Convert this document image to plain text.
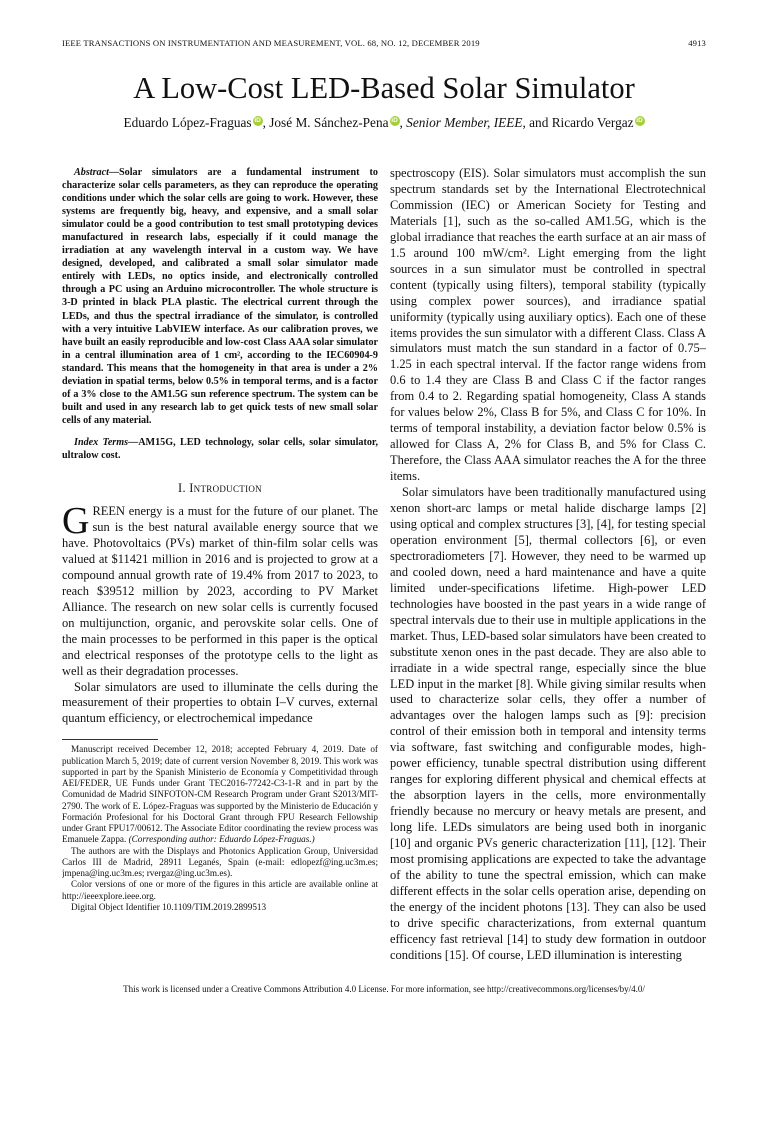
IEEE TRANSACTIONS ON INSTRUMENTATION AND MEASUREMENT, VOL. 68, NO. 12, DECEMBER 2019	4913
A Low-Cost LED-Based Solar Simulator
Eduardo López-Fraguas iD , José M. Sánchez-Pena iD , Senior Member, IEEE, and Ricardo Vergaz iD

Abstract—Solar simulators are a fundamental instrument to characterize solar cells parameters, as they can reproduce the operating conditions under which the solar cells are going to work. However, these systems are frequently big, heavy, and expensive, and a small solar simulator could be a good contribution to test small prototyping devices manufactured in research labs, especially if it could manage the irradiation at any wavelength interval in a custom way. We have designed, developed, and calibrated a small solar simulator made entirely with LEDs, no optics inside, and electronically controlled through a PC using an Arduino microcontroller. The whole structure is 3-D printed in black PLA plastic. The electrical current through the LEDs, and thus the spectral irradiance of the simulator, is controlled with a very intuitive LabVIEW interface. As our calibration proves, we have built an easily reproducible and low-cost Class AAA solar simulator in a central illumination area of 1 cm², according to the IEC60904-9 standard. This means that the homogeneity in that area is under a 2% deviation in spatial terms, below 0.5% in temporal terms, and is a factor of a 3% close to the AM1.5G sun reference spectrum. The system can be built and used in any research lab to get quick tests of new small solar cells of any material.

Index Terms—AM15G, LED technology, solar cells, solar simulator, ultralow cost.

I. Introduction

GREEN energy is a must for the future of our planet. The sun is the best natural available energy source that we have. Photovoltaics (PVs) market of thin-film solar cells was valued at $11421 million in 2016 and is projected to grow at a compound annual growth rate of 19.4% from 2017 to 2023, to reach $39512 million by 2023, according to PV Market Alliance. The research on new solar cells is currently focused on multijunction, organic, and perovskite solar cells. One of the main processes to be performed in this paper is the optical and electrical responses of the prototype cells to the light as well as their degradation processes.

Solar simulators are used to illuminate the cells during the measurement of their properties to obtain I–V curves, external quantum efficiency, or electrochemical impedance

Manuscript received December 12, 2018; accepted February 4, 2019. Date of publication March 5, 2019; date of current version November 8, 2019. This work was supported in part by the Spanish Ministerio de Economía y Competitividad through AEI/FEDER, UE Funds under Grant TEC2016-77242-C3-1-R and in part by the Comunidad de Madrid SINFOTON-CM Research Program under Grant S2013/MIT-2790. The work of E. López-Fraguas was supported by the Ministerio de Educación y Formación Profesional for his Doctoral Grant through FPU Research Fellowship under Grant FPU17/00612. The Associate Editor coordinating the review process was Emanuele Zappa. (Corresponding author: Eduardo López-Fraguas.)

The authors are with the Displays and Photonics Application Group, Universidad Carlos III de Madrid, 28911 Leganés, Spain (e-mail: edlopezf@ing.uc3m.es; jmpena@ing.uc3m.es; rvergaz@ing.uc3m.es).

Color versions of one or more of the figures in this article are available online at http://ieeexplore.ieee.org.

Digital Object Identifier 10.1109/TIM.2019.2899513

spectroscopy (EIS). Solar simulators must accomplish the sun spectrum standards set by the International Electrotechnical Commission (IEC) or American Society for Testing and Materials [1], such as the so-called AM1.5G, which is the global irradiance that reaches the earth surface at an air mass of 1.5 around 100 mW/cm². Light emerging from the light sources in a sun simulator must be controlled in spectral content (typically using filters), temporal stability (typically using complex power sources), and irradiance spatial uniformity (typically using auxiliary optics). Each one of these items provides the sun simulator with a different Class. Class A simulators must match the sun standard in a factor of 0.75–1.25 in each spectral interval. If the factor range widens from 0.6 to 1.4 they are Class B and Class C if the factor ranges from 0.4 to 2. Regarding spatial homogeneity, Class A stands for values below 2%, Class B for 5%, and Class C for 10%. In terms of temporal instability, a deviation factor below 0.5% is allowed for Class A, 2% for Class B, and 5% for Class C. Therefore, the Class AAA simulator reaches the A for the three items.

Solar simulators have been traditionally manufactured using xenon short-arc lamps or metal halide discharge lamps [2] using optical and complex structures [3], [4], for testing special operation environment [5], thermal collectors [6], or even spectroradiometers [7]. However, they need to be warmed up and cooled down, need a hard maintenance and have a quite limited under-specifications lifetime. High-power LED technologies have boosted in the past years in a wide range of spectral intervals due to their use in multiple applications in the market. Thus, LED-based solar simulators have been created to substitute xenon ones in the past decade. They are also able to irradiate in a wide spectral range, especially since the blue LED input in the market [8]. While giving similar results when used to characterize solar cells, they offer a number of advantages over the halogen lamps such as [9]: precision control of their emission both in temporal and intensity terms via software, fast switching and configurable modes, high-power efficiency, tunable spectral distribution using different ranges for exploring different physical and chemical effects at the absorption layers in the cells, more environmentally friendly because no mercury or heavy metals are present, and long life. LEDs simulators are being used both in inorganic [10] and organic PVs generic characterization [11], [12]. Their most promising applications are expected to take the advantage of the ability to tune the spectral emission, which can make different effects in the solar cells operation arise, depending on the energy of the incident photons [13]. They can also be used to drive specific characterizations, from external quantum efficency fast retrieval [14] to study dew formation in outdoor conditions [15]. Of course, LED illumination is interesting

This work is licensed under a Creative Commons Attribution 4.0 License. For more information, see http://creativecommons.org/licenses/by/4.0/
